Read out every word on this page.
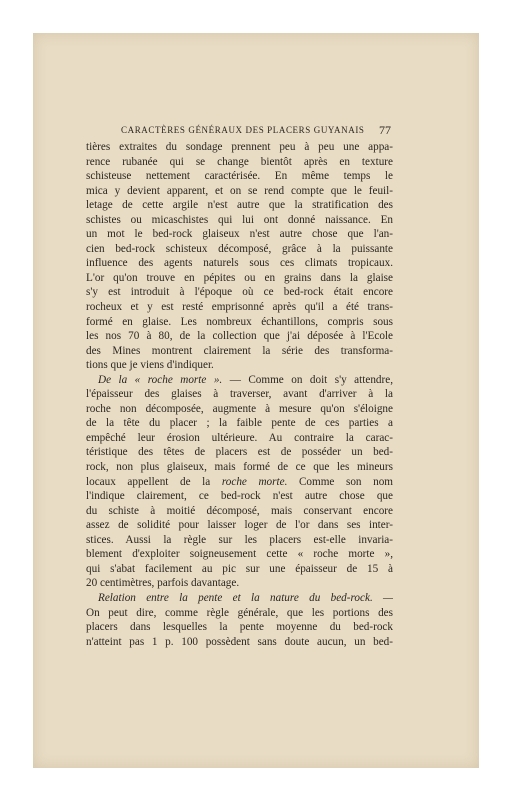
CARACTÈRES GÉNÉRAUX DES PLACERS GUYANAIS 77
tières extraites du sondage prennent peu à peu une appa-
rence rubanée qui se change bientôt après en texture
schisteuse nettement caractérisée. En même temps le
mica y devient apparent, et on se rend compte que le feuil-
letage de cette argile n'est autre que la stratification des
schistes ou micaschistes qui lui ont donné naissance. En
un mot le bed-rock glaiseux n'est autre chose que l'an-
cien bed-rock schisteux décomposé, grâce à la puissante
influence des agents naturels sous ces climats tropicaux.
L'or qu'on trouve en pépites ou en grains dans la glaise
s'y est introduit à l'époque où ce bed-rock était encore
rocheux et y est resté emprisonné après qu'il a été trans-
formé en glaise. Les nombreux échantillons, compris sous
les nos 70 à 80, de la collection que j'ai déposée à l'Ecole
des Mines montrent clairement la série des transforma-
tions que je viens d'indiquer.
De la « roche morte ». — Comme on doit s'y attendre,
l'épaisseur des glaises à traverser, avant d'arriver à la
roche non décomposée, augmente à mesure qu'on s'éloigne
de la tête du placer ; la faible pente de ces parties a
empêché leur érosion ultérieure. Au contraire la carac-
téristique des têtes de placers est de posséder un bed-
rock, non plus glaiseux, mais formé de ce que les mineurs
locaux appellent de la roche morte. Comme son nom
l'indique clairement, ce bed-rock n'est autre chose que
du schiste à moitié décomposé, mais conservant encore
assez de solidité pour laisser loger de l'or dans ses inter-
stices. Aussi la règle sur les placers est-elle invaria-
blement d'exploiter soigneusement cette « roche morte »,
qui s'abat facilement au pic sur une épaisseur de 15 à
20 centimètres, parfois davantage.
Relation entre la pente et la nature du bed-rock. —
On peut dire, comme règle générale, que les portions des
placers dans lesquelles la pente moyenne du bed-rock
n'atteint pas 1 p. 100 possèdent sans doute aucun, un bed-
